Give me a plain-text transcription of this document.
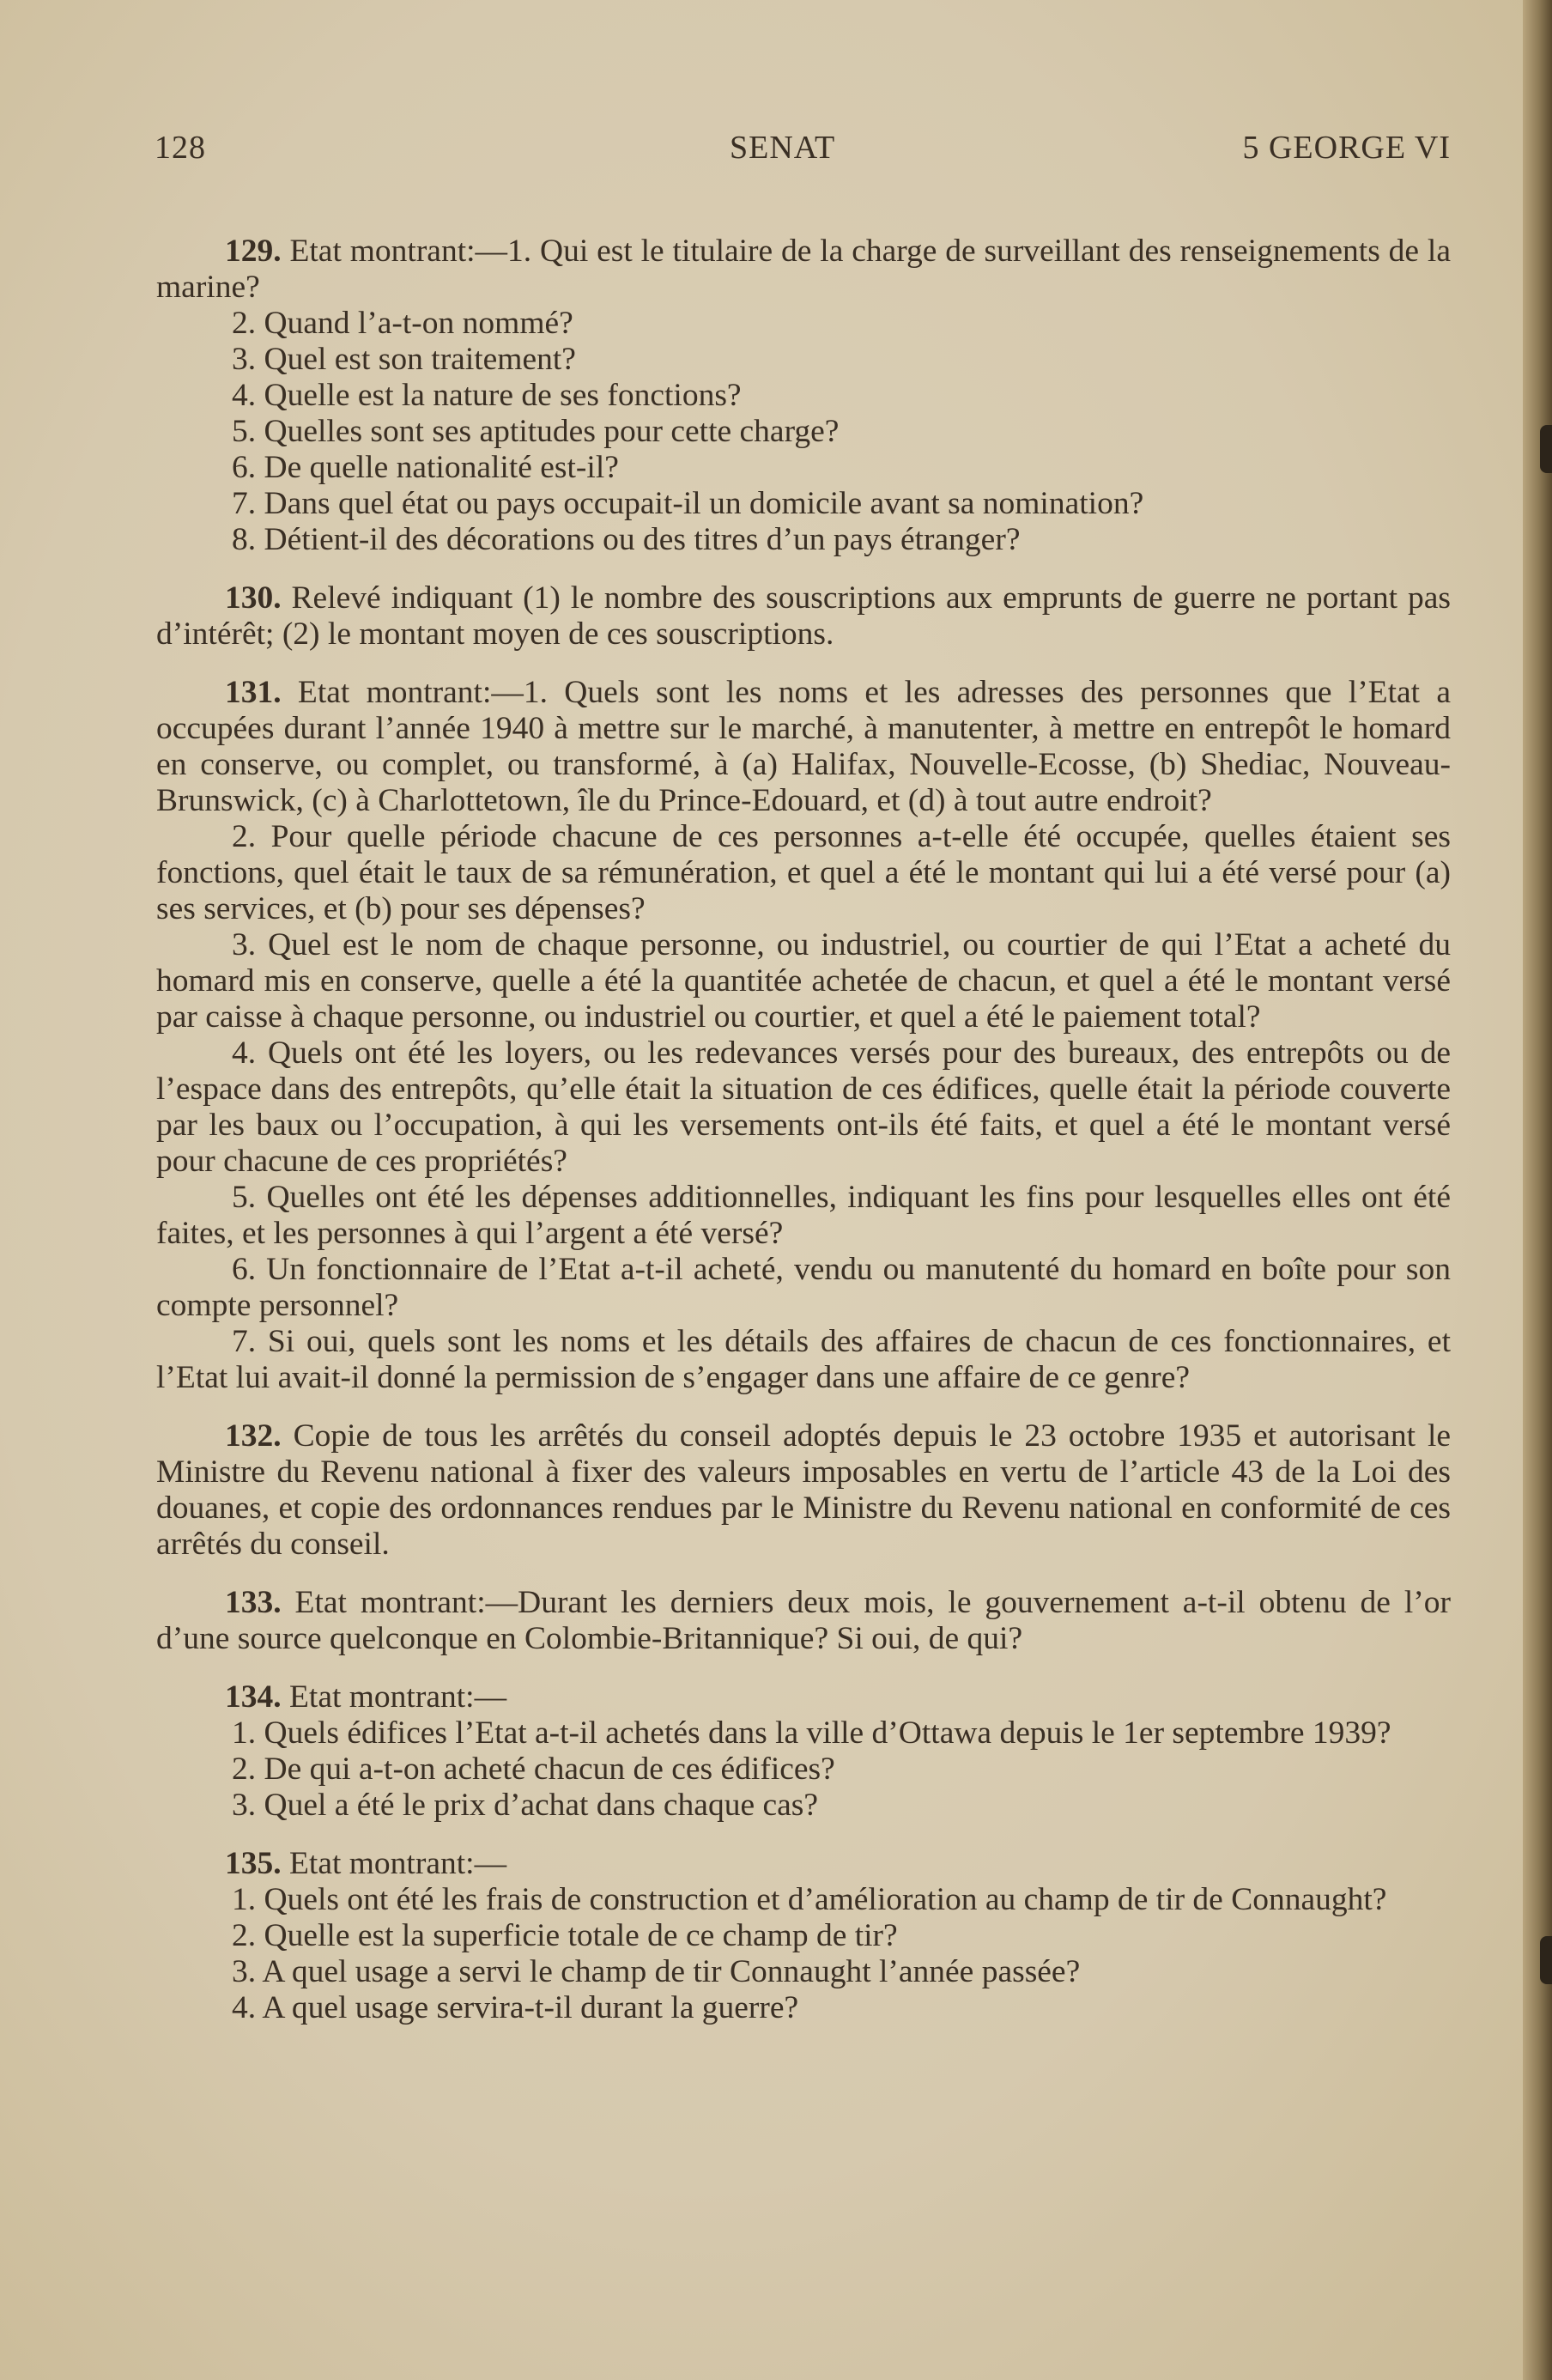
128	SENAT	5 GEORGE VI

129. Etat montrant:—1. Qui est le titulaire de la charge de surveillant des renseignements de la marine?

2. Quand l’a-t-on nommé?

3. Quel est son traitement?

4. Quelle est la nature de ses fonctions?

5. Quelles sont ses aptitudes pour cette charge?

6. De quelle nationalité est-il?

7. Dans quel état ou pays occupait-il un domicile avant sa nomination?

8. Détient-il des décorations ou des titres d’un pays étranger?

130. Relevé indiquant (1) le nombre des souscriptions aux emprunts de guerre ne portant pas d’intérêt; (2) le montant moyen de ces souscriptions.

131. Etat montrant:—1. Quels sont les noms et les adresses des personnes que l’Etat a occupées durant l’année 1940 à mettre sur le marché, à manutenter, à mettre en entrepôt le homard en conserve, ou complet, ou transformé, à (a) Halifax, Nouvelle-Ecosse, (b) Shediac, Nouveau-Brunswick, (c) à Charlottetown, île du Prince-Edouard, et (d) à tout autre endroit?

2. Pour quelle période chacune de ces personnes a-t-elle été occupée, quelles étaient ses fonctions, quel était le taux de sa rémunération, et quel a été le montant qui lui a été versé pour (a) ses services, et (b) pour ses dépenses?

3. Quel est le nom de chaque personne, ou industriel, ou courtier de qui l’Etat a acheté du homard mis en conserve, quelle a été la quantitée achetée de chacun, et quel a été le montant versé par caisse à chaque personne, ou industriel ou courtier, et quel a été le paiement total?

4. Quels ont été les loyers, ou les redevances versés pour des bureaux, des entrepôts ou de l’espace dans des entrepôts, qu’elle était la situation de ces édifices, quelle était la période couverte par les baux ou l’occupation, à qui les versements ont-ils été faits, et quel a été le montant versé pour chacune de ces propriétés?

5. Quelles ont été les dépenses additionnelles, indiquant les fins pour lesquelles elles ont été faites, et les personnes à qui l’argent a été versé?

6. Un fonctionnaire de l’Etat a-t-il acheté, vendu ou manutenté du homard en boîte pour son compte personnel?

7. Si oui, quels sont les noms et les détails des affaires de chacun de ces fonctionnaires, et l’Etat lui avait-il donné la permission de s’engager dans une affaire de ce genre?

132. Copie de tous les arrêtés du conseil adoptés depuis le 23 octobre 1935 et autorisant le Ministre du Revenu national à fixer des valeurs imposables en vertu de l’article 43 de la Loi des douanes, et copie des ordonnances rendues par le Ministre du Revenu national en conformité de ces arrêtés du conseil.

133. Etat montrant:—Durant les derniers deux mois, le gouvernement a-t-il obtenu de l’or d’une source quelconque en Colombie-Britannique? Si oui, de qui?

134. Etat montrant:—

1. Quels édifices l’Etat a-t-il achetés dans la ville d’Ottawa depuis le 1er septembre 1939?

2. De qui a-t-on acheté chacun de ces édifices?

3. Quel a été le prix d’achat dans chaque cas?

135. Etat montrant:—

1. Quels ont été les frais de construction et d’amélioration au champ de tir de Connaught?

2. Quelle est la superficie totale de ce champ de tir?

3. A quel usage a servi le champ de tir Connaught l’année passée?

4. A quel usage servira-t-il durant la guerre?
